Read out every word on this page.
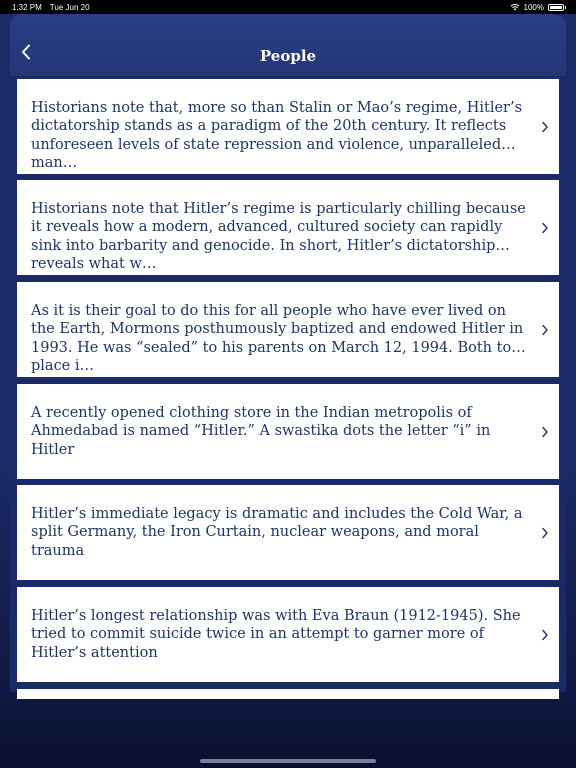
1:32 PM Tue Jun 20	100%
People

Historians note that, more so than Stalin or Mao’s regime, Hitler’s dictatorship stands as a paradigm of the 20th century. It reflects unforeseen levels of state repression and violence, unparalleled man…

Historians note that Hitler’s regime is particularly chilling because it reveals how a modern, advanced, cultured society can rapidly sink into barbarity and genocide. In short, Hitler’s dictatorship reveals what w…

As it is their goal to do this for all people who have ever lived on the Earth, Mormons posthumously baptized and endowed Hitler in 1993. He was “sealed” to his parents on March 12, 1994. Both took place i…

A recently opened clothing store in the Indian metropolis of Ahmedabad is named “Hitler.” A swastika dots the letter “i” in Hitler

Hitler’s immediate legacy is dramatic and includes the Cold War, a split Germany, the Iron Curtain, nuclear weapons, and moral trauma

Hitler’s longest relationship was with Eva Braun (1912-1945). She tried to commit suicide twice in an attempt to garner more of Hitler’s attention
